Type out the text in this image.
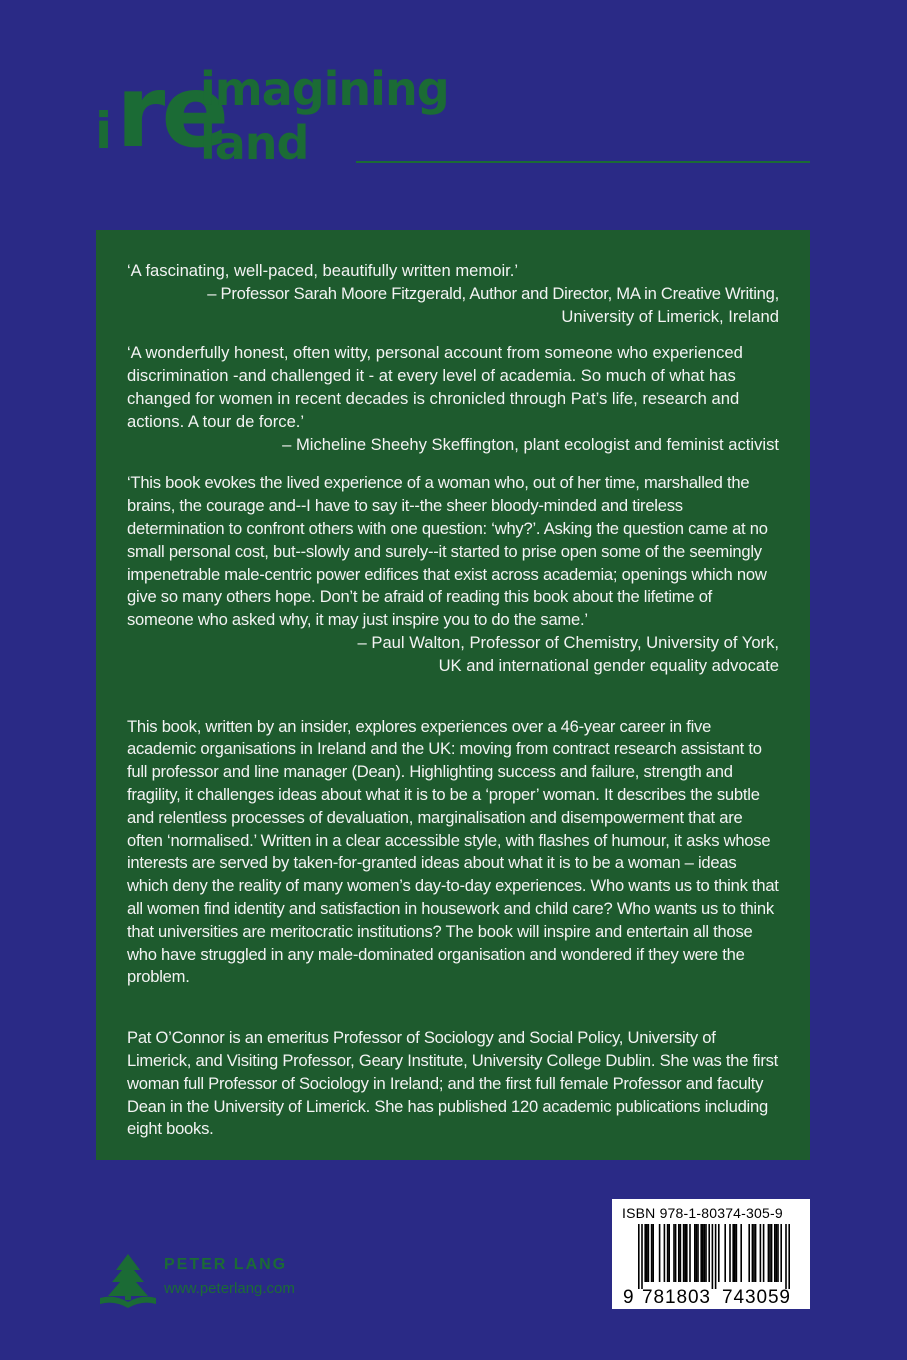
i re
imagining
land

‘A fascinating, well-paced, beautifully written memoir.’

– Professor Sarah Moore Fitzgerald, Author and Director, MA in Creative Writing,

University of Limerick, Ireland

‘A wonderfully honest, often witty, personal account from someone who experienced discrimination -and challenged it - at every level of academia. So much of what has changed for women in recent decades is chronicled through Pat’s life, research and actions. A tour de force.’

– Micheline Sheehy Skeffington, plant ecologist and feminist activist

‘This book evokes the lived experience of a woman who, out of her time, marshalled the brains, the courage and--I have to say it--the sheer bloody-minded and tireless determination to confront others with one question: ‘why?’. Asking the question came at no small personal cost, but--slowly and surely--it started to prise open some of the seemingly impenetrable male-centric power edifices that exist across academia; openings which now give so many others hope. Don’t be afraid of reading this book about the lifetime of someone who asked why, it may just inspire you to do the same.’

– Paul Walton, Professor of Chemistry, University of York,

UK and international gender equality advocate

This book, written by an insider, explores experiences over a 46-year career in five academic organisations in Ireland and the UK: moving from contract research assistant to full professor and line manager (Dean). Highlighting success and failure, strength and fragility, it challenges ideas about what it is to be a ‘proper’ woman. It describes the subtle and relentless processes of devaluation, marginalisation and disempowerment that are often ‘normalised.’ Written in a clear accessible style, with flashes of humour, it asks whose interests are served by taken-for-granted ideas about what it is to be a woman – ideas which deny the reality of many women’s day-to-day experiences. Who wants us to think that all women find identity and satisfaction in housework and child care? Who wants us to think that universities are meritocratic institutions? The book will inspire and entertain all those who have struggled in any male-dominated organisation and wondered if they were the problem.

Pat O’Connor is an emeritus Professor of Sociology and Social Policy, University of Limerick, and Visiting Professor, Geary Institute, University College Dublin. She was the first woman full Professor of Sociology in Ireland; and the first full female Professor and faculty Dean in the University of Limerick. She has published 120 academic publications including eight books.

PETER LANG
www.peterlang.com
ISBN 978-1-80374-305-9
9 781803 743059
